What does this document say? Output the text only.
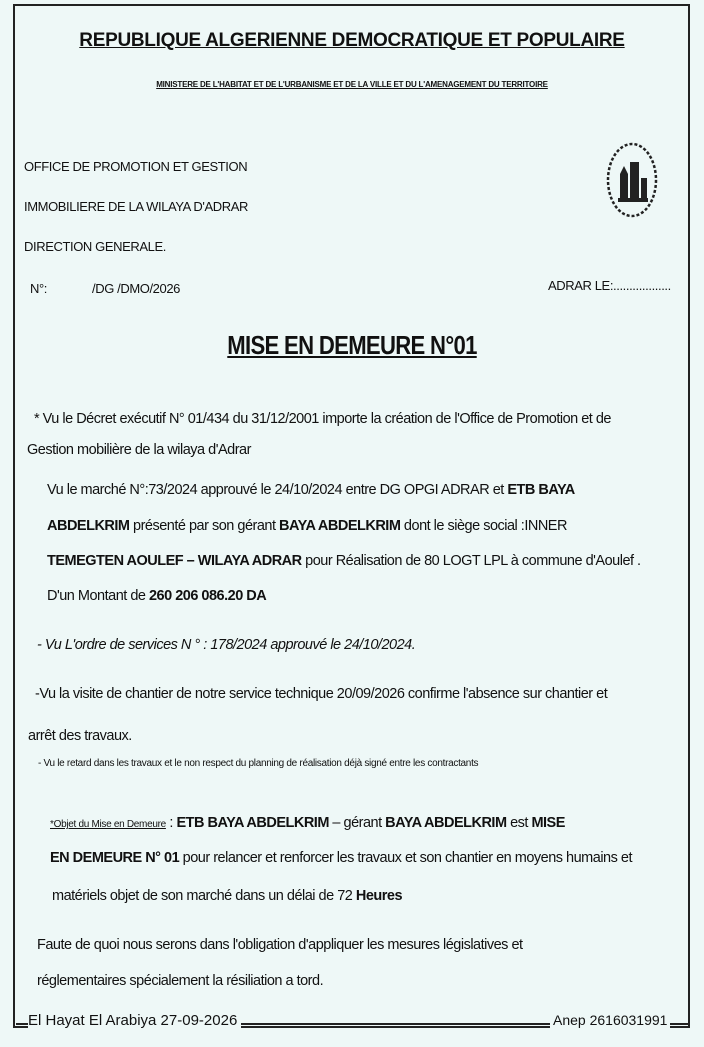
REPUBLIQUE ALGERIENNE DEMOCRATIQUE ET POPULAIRE
MINISTERE DE L'HABITAT ET DE L'URBANISME ET DE LA VILLE ET DU L'AMENAGEMENT DU TERRITOIRE
OFFICE DE PROMOTION ET GESTION
IMMOBILIERE DE LA WILAYA D'ADRAR
DIRECTION GENERALE.
N°:	/DG /DMO/2026	ADRAR LE:..................
MISE EN DEMEURE N°01
* Vu le Décret exécutif N° 01/434 du 31/12/2001 importe la création de l'Office de Promotion et de
Gestion mobilière de la wilaya d'Adrar
Vu le marché N°:73/2024 approuvé le 24/10/2024 entre DG OPGI ADRAR et ETB BAYA
ABDELKRIM présenté par son gérant BAYA ABDELKRIM dont le siège social :INNER
TEMEGTEN AOULEF – WILAYA ADRAR pour Réalisation de 80 LOGT LPL à commune d'Aoulef .
D'un Montant de 260 206 086.20 DA
- Vu L'ordre de services N ° : 178/2024 approuvé le 24/10/2024.
-Vu la visite de chantier de notre service technique 20/09/2026 confirme l'absence sur chantier et
arrêt des travaux.
- Vu le retard dans les travaux et le non respect du planning de réalisation déjà signé entre les contractants
*Objet du Mise en Demeure : ETB BAYA ABDELKRIM – gérant BAYA ABDELKRIM est MISE
EN DEMEURE N° 01 pour relancer et renforcer les travaux et son chantier en moyens humains et
matériels objet de son marché dans un délai de 72 Heures
Faute de quoi nous serons dans l'obligation d'appliquer les mesures législatives et
réglementaires spécialement la résiliation a tord.
El Hayat El Arabiya 27-09-2026	Anep 2616031991
